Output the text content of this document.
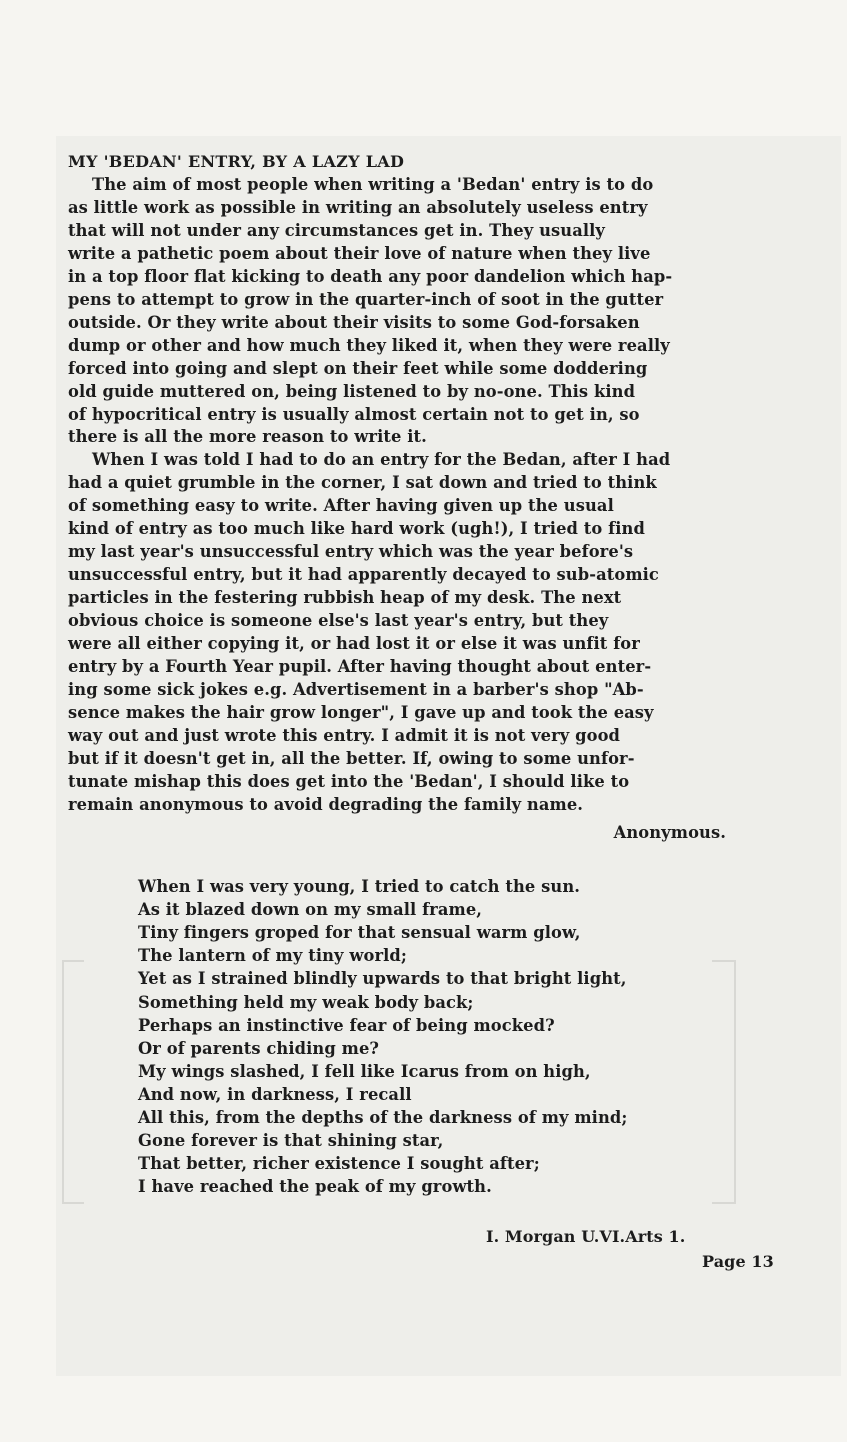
MY 'BEDAN' ENTRY, BY A LAZY LAD
The aim of most people when writing a 'Bedan' entry is to do
as little work as possible in writing an absolutely useless entry
that will not under any circumstances get in. They usually
write a pathetic poem about their love of nature when they live
in a top floor flat kicking to death any poor dandelion which hap-
pens to attempt to grow in the quarter-inch of soot in the gutter
outside. Or they write about their visits to some God-forsaken
dump or other and how much they liked it, when they were really
forced into going and slept on their feet while some doddering
old guide muttered on, being listened to by no-one. This kind
of hypocritical entry is usually almost certain not to get in, so
there is all the more reason to write it.
When I was told I had to do an entry for the Bedan, after I had
had a quiet grumble in the corner, I sat down and tried to think
of something easy to write. After having given up the usual
kind of entry as too much like hard work (ugh!), I tried to find
my last year's unsuccessful entry which was the year before's
unsuccessful entry, but it had apparently decayed to sub-atomic
particles in the festering rubbish heap of my desk. The next
obvious choice is someone else's last year's entry, but they
were all either copying it, or had lost it or else it was unfit for
entry by a Fourth Year pupil. After having thought about enter-
ing some sick jokes e.g. Advertisement in a barber's shop "Ab-
sence makes the hair grow longer", I gave up and took the easy
way out and just wrote this entry. I admit it is not very good
but if it doesn't get in, all the better. If, owing to some unfor-
tunate mishap this does get into the 'Bedan', I should like to
remain anonymous to avoid degrading the family name.
Anonymous.
When I was very young, I tried to catch the sun.
As it blazed down on my small frame,
Tiny fingers groped for that sensual warm glow,
The lantern of my tiny world;
Yet as I strained blindly upwards to that bright light,
Something held my weak body back;
Perhaps an instinctive fear of being mocked?
Or of parents chiding me?
My wings slashed, I fell like Icarus from on high,
And now, in darkness, I recall
All this, from the depths of the darkness of my mind;
Gone forever is that shining star,
That better, richer existence I sought after;
I have reached the peak of my growth.
I. Morgan U.VI.Arts 1.
Page 13
